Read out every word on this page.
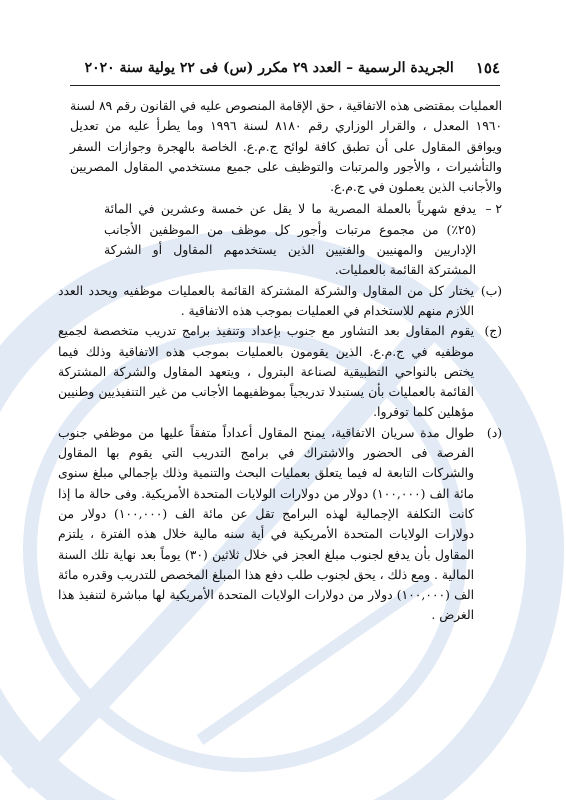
١٥٤
الجريدة الرسمية – العدد ٢٩ مكرر (س) فى ٢٢ يولية سنة ٢٠٢٠

العمليات بمقتضى هذه الاتفاقية ، حق الإقامة المنصوص عليه في القانون رقم ٨٩ لسنة ١٩٦٠ المعدل ، والقرار الوزاري رقم ٨١٨٠ لسنة ١٩٩٦ وما يطرأ عليه من تعديل ويوافق المقاول على أن تطبق كافة لوائح ج.م.ع. الخاصة بالهجرة وجوازات السفر والتأشيرات ، والأجور والمرتبات والتوظيف على جميع مستخدمي المقاول المصريين والأجانب الذين يعملون في ج.م.ع.

٢ –
يدفع شهرياً بالعملة المصرية ما لا يقل عن خمسة وعشرين في المائة (٢٥٪) من مجموع مرتبات وأجور كل موظف من الموظفين الأجانب الإداريين والمهنيين والفنيين الذين يستخدمهم المقاول أو الشركة المشتركة القائمة بالعمليات.
(ب)
يختار كل من المقاول والشركة المشتركة القائمة بالعمليات موظفيه ويحدد العدد اللازم منهم للاستخدام في العمليات بموجب هذه الاتفاقية .
(ج)
يقوم المقاول بعد التشاور مع جنوب بإعداد وتنفيذ برامج تدريب متخصصة لجميع موظفيه في ج.م.ع. الذين يقومون بالعمليات بموجب هذه الاتفاقية وذلك فيما يختص بالنواحي التطبيقية لصناعة البترول ، ويتعهد المقاول والشركة المشتركة القائمة بالعمليات بأن يستبدلا تدريجياً بموظفيهما الأجانب من غير التنفيذيين وطنيين مؤهلين كلما توفروا.
(د)
طوال مدة سريان الاتفاقية، يمنح المقاول أعداداً متفقاً عليها من موظفي جنوب الفرصة فى الحضور والاشتراك في برامج التدريب التي يقوم بها المقاول والشركات التابعة له فيما يتعلق بعمليات البحث والتنمية وذلك بإجمالي مبلغ سنوى مائة الف (١٠٠,٠٠٠) دولار من دولارات الولايات المتحدة الأمريكية. وفى حالة ما إذا كانت التكلفة الإجمالية لهذه البرامج تقل عن مائة الف (١٠٠,٠٠٠) دولار من دولارات الولايات المتحدة الأمريكية في أية سنه مالية خلال هذه الفترة ، يلتزم المقاول بأن يدفع لجنوب مبلغ العجز في خلال ثلاثين (٣٠) يوماً بعد نهاية تلك السنة المالية . ومع ذلك ، يحق لجنوب طلب دفع هذا المبلغ المخصص للتدريب وقدره مائة الف (١٠٠,٠٠٠) دولار من دولارات الولايات المتحدة الأمريكية لها مباشرة لتنفيذ هذا الغرض .
